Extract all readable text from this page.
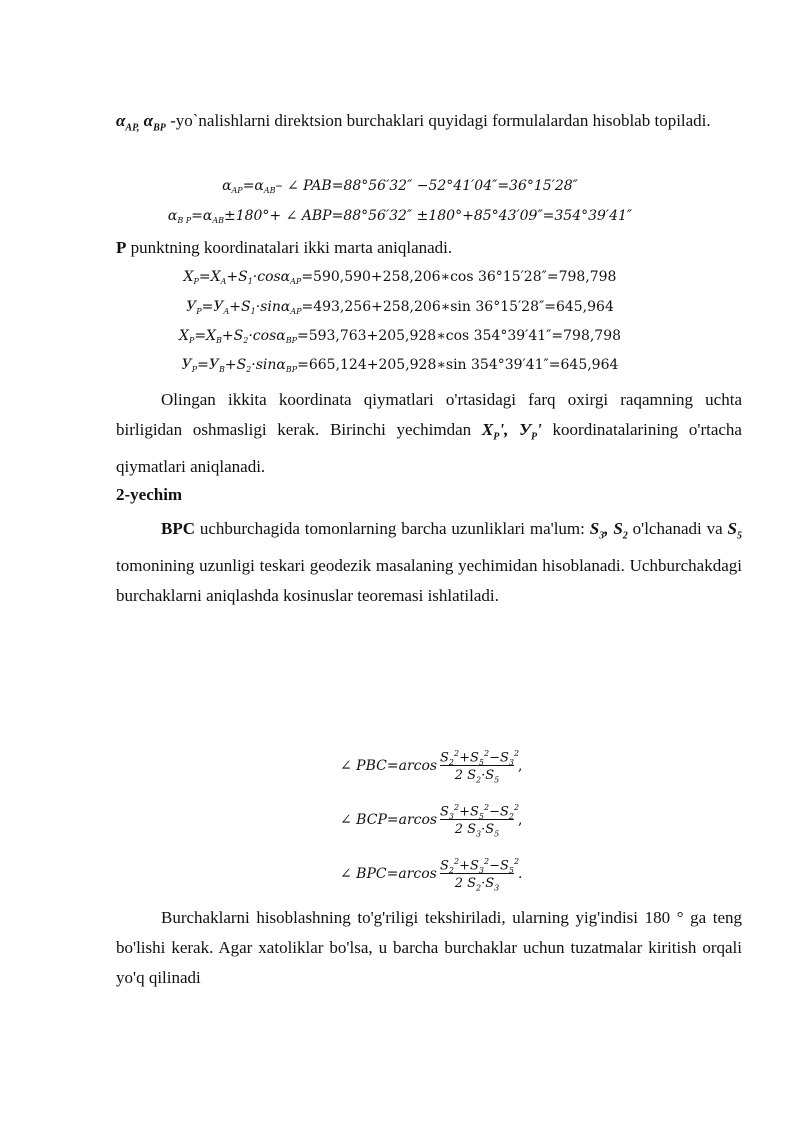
$\alpha_{AP,}$ $\alpha_{BP}$ -yo`nalishlarni direktsion burchaklari quyidagi formulalardan hisoblab topiladi.
$\alpha_{AP}=\alpha_{AB}-$ ∠ PAB=88°56′32″ −52°41′04″=36°15′28″
$\alpha_{B P}=\alpha_{AB}\pm 180^\circ+$ ∠ ABP=88°56′32″ ±180°+85°43′09″=354°39′41″
P punktning koordinatalari ikki marta aniqlanadi.
$X_P=X_A+S_1\cdot\cos\alpha_{AP}=590,590+258,206∗\cos$ 36°15′28″=798,798
$У_P=У_A+S_1\cdot\sin\alpha_{AP}=493,256+258,206∗\sin$ 36°15′28″=645,964
$X_P=X_B+S_2\cdot\cos\alpha_{BP}=593,763+205,928∗\cos$ 354°39′41″=798,798
$У_P=У_B+S_2\cdot\sin\alpha_{BP}=665,124+205,928∗\sin$ 354°39′41″=645,964
Olingan ikkita koordinata qiymatlari o'rtasidagi farq oxirgi raqamning uchta birligidan oshmasligi kerak. Birinchi yechimdan $X_P'$, $У_P'$ koordinatalarining o'rtacha qiymatlari aniqlanadi.
2-yechim
BPC uchburchagida tomonlarning barcha uzunliklari ma'lum: $S_3$, $S_2$ o'lchanadi va $S_5$ tomonining uzunligi teskari geodezik masalaning yechimidan hisoblanadi. Uchburchakdagi burchaklarni aniqlashda kosinuslar teoremasi ishlatiladi.
∠ PBC=arcos
$S_2^2+S_5^2-S_3^2$
2 $S_2\cdot S_5$
,
∠ BCP=arcos
$S_3^2+S_5^2-S_2^2$
2 $S_3\cdot S_5$
,
∠ BPC=arcos
$S_2^2+S_3^2-S_5^2$
2 $S_2\cdot S_3$
.
Burchaklarni hisoblashning to'g'riligi tekshiriladi, ularning yig'indisi 180 ° ga teng bo'lishi kerak. Agar xatoliklar bo'lsa, u barcha burchaklar uchun tuzatmalar kiritish orqali yo'q qilinadi
